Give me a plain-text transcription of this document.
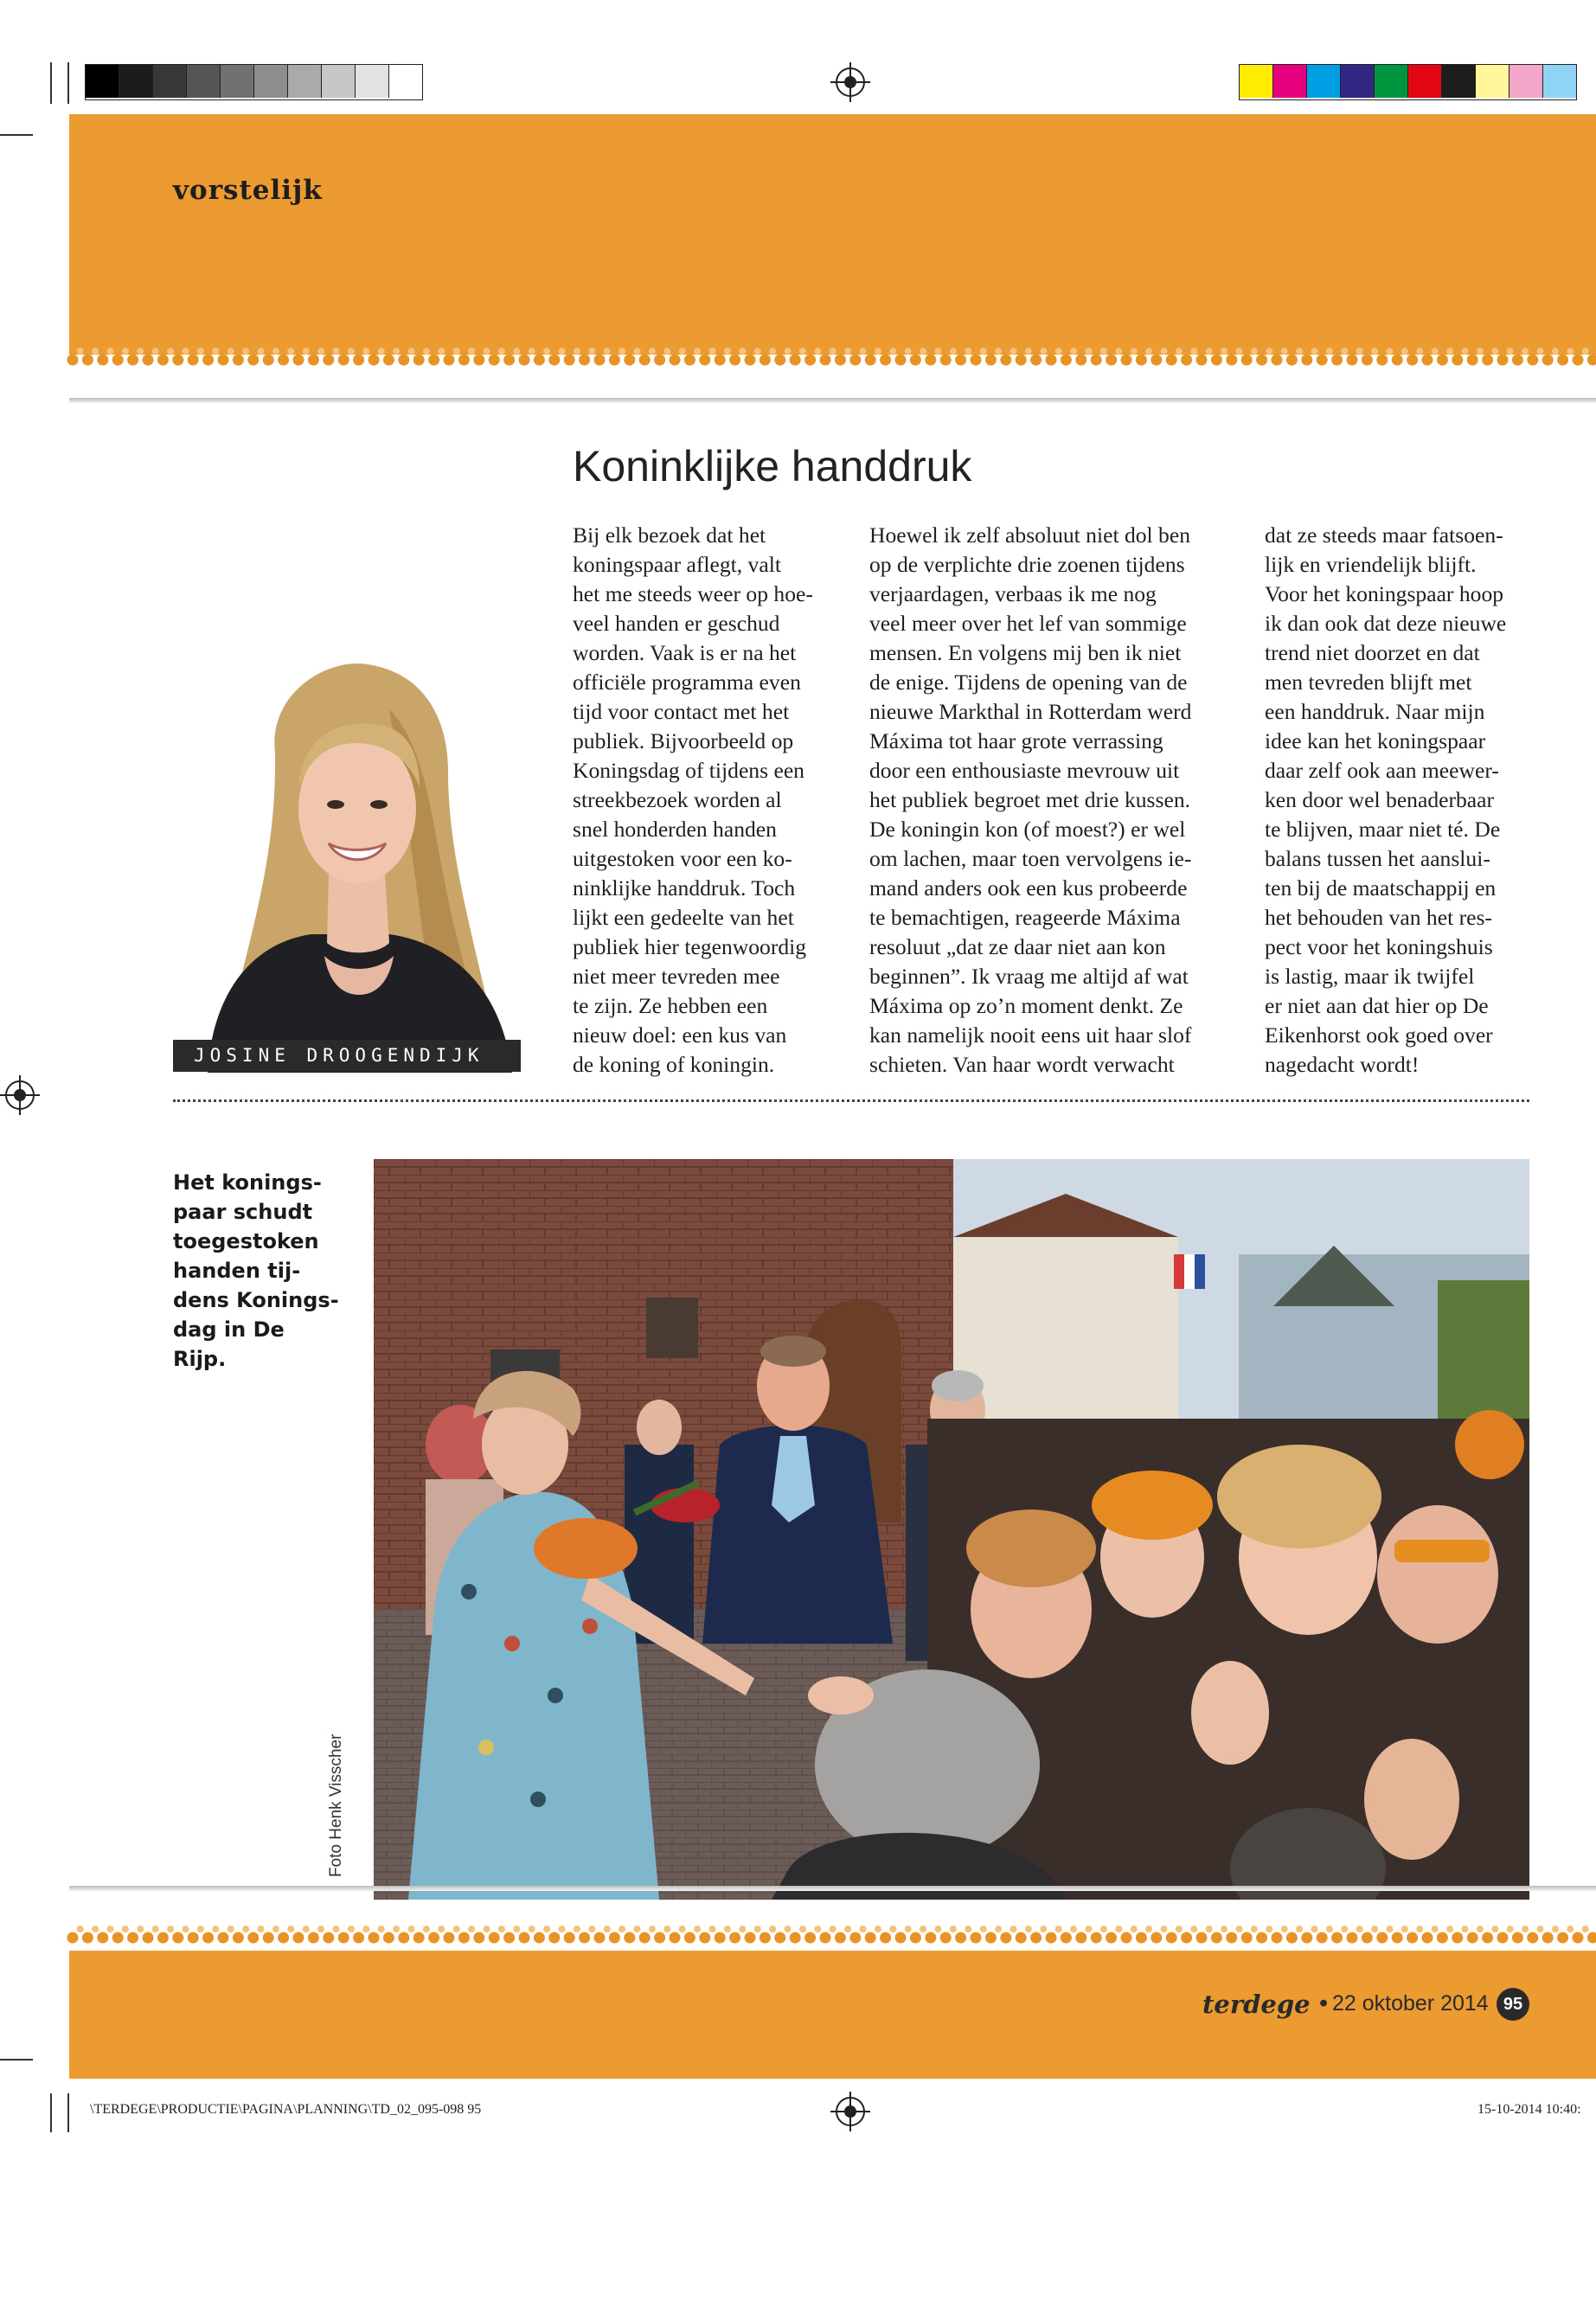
vorstelijk
Koninklijke handdruk
Bij elk bezoek dat het
koningspaar aflegt, valt
het me steeds weer op hoe-
veel handen er geschud
worden. Vaak is er na het
officiële programma even
tijd voor contact met het
publiek. Bijvoorbeeld op
Koningsdag of tijdens een
streekbezoek worden al
snel honderden handen
uitgestoken voor een ko-
ninklijke handdruk. Toch
lijkt een gedeelte van het
publiek hier tegenwoordig
niet meer tevreden mee
te zijn. Ze hebben een
nieuw doel: een kus van
de koning of koningin.
Hoewel ik zelf absoluut niet dol ben
op de verplichte drie zoenen tijdens
verjaardagen, verbaas ik me nog
veel meer over het lef van sommige
mensen. En volgens mij ben ik niet
de enige. Tijdens de opening van de
nieuwe Markthal in Rotterdam werd
Máxima tot haar grote verrassing
door een enthousiaste mevrouw uit
het publiek begroet met drie kussen.
De koningin kon (of moest?) er wel
om lachen, maar toen vervolgens ie-
mand anders ook een kus probeerde
te bemachtigen, reageerde Máxima
resoluut „dat ze daar niet aan kon
beginnen”. Ik vraag me altijd af wat
Máxima op zo’n moment denkt. Ze
kan namelijk nooit eens uit haar slof
schieten. Van haar wordt verwacht
dat ze steeds maar fatsoen-
lijk en vriendelijk blijft.
Voor het koningspaar hoop
ik dan ook dat deze nieuwe
trend niet doorzet en dat
men tevreden blijft met
een handdruk. Naar mijn
idee kan het koningspaar
daar zelf ook aan meewer-
ken door wel benaderbaar
te blijven, maar niet té. De
balans tussen het aanslui-
ten bij de maatschappij en
het behouden van het res-
pect voor het koningshuis
is lastig, maar ik twijfel
er niet aan dat hier op De
Eikenhorst ook goed over
nagedacht wordt!
JOSINE DROOGENDIJK
Het konings-
paar schudt
toegestoken
handen tij-
dens Konings-
dag in De
Rijp.
Foto Henk Visscher
terdege • 22 oktober 2014 95
\TERDEGE\PRODUCTIE\PAGINA\PLANNING\TD_02_095-098 95	15-10-2014 10:40:
